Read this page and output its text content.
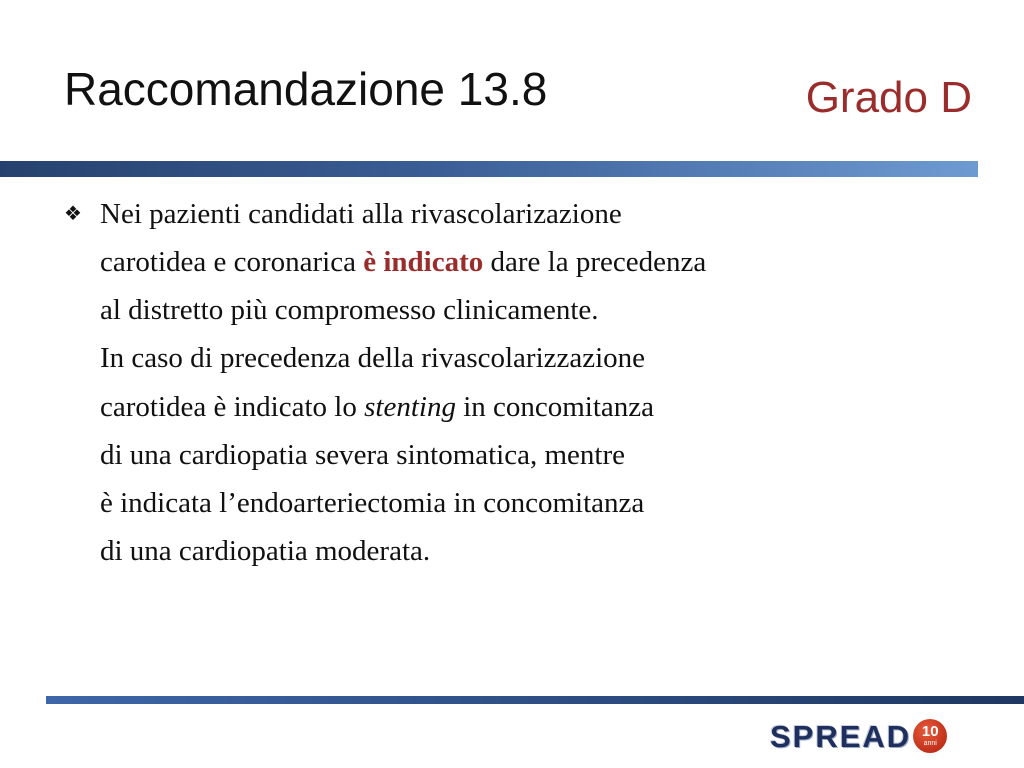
Raccomandazione 13.8	Grado D
❖ Nei pazienti candidati alla rivascolarizazione

carotidea e coronarica è indicato dare la precedenza

al distretto più compromesso clinicamente.

In caso di precedenza della rivascolarizzazione

carotidea è indicato lo stenting in concomitanza

di una cardiopatia severa sintomatica, mentre

è indicata l’endoarteriectomia in concomitanza

di una cardiopatia moderata.

SPREAD 10
anni
